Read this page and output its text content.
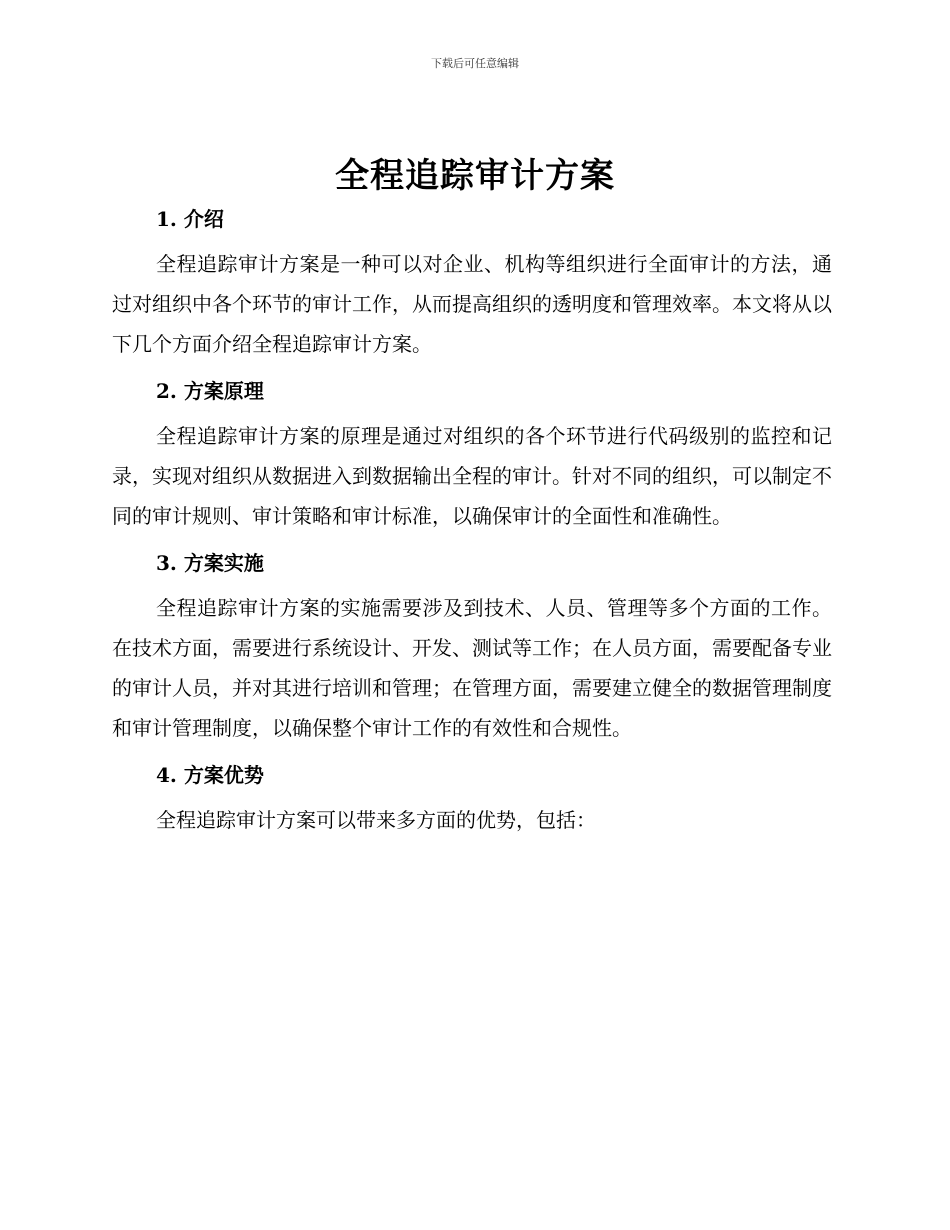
下载后可任意编辑
全程追踪审计方案
1. 介绍

全程追踪审计方案是一种可以对企业、机构等组织进行全面审计的方法，通过对组织中各个环节的审计工作，从而提高组织的透明度和管理效率。本文将从以下几个方面介绍全程追踪审计方案。

2. 方案原理

全程追踪审计方案的原理是通过对组织的各个环节进行代码级别的监控和记录，实现对组织从数据进入到数据输出全程的审计。针对不同的组织，可以制定不同的审计规则、审计策略和审计标准，以确保审计的全面性和准确性。

3. 方案实施

全程追踪审计方案的实施需要涉及到技术、人员、管理等多个方面的工作。在技术方面，需要进行系统设计、开发、测试等工作；在人员方面，需要配备专业的审计人员，并对其进行培训和管理；在管理方面，需要建立健全的数据管理制度和审计管理制度，以确保整个审计工作的有效性和合规性。

4. 方案优势

全程追踪审计方案可以带来多方面的优势，包括：
